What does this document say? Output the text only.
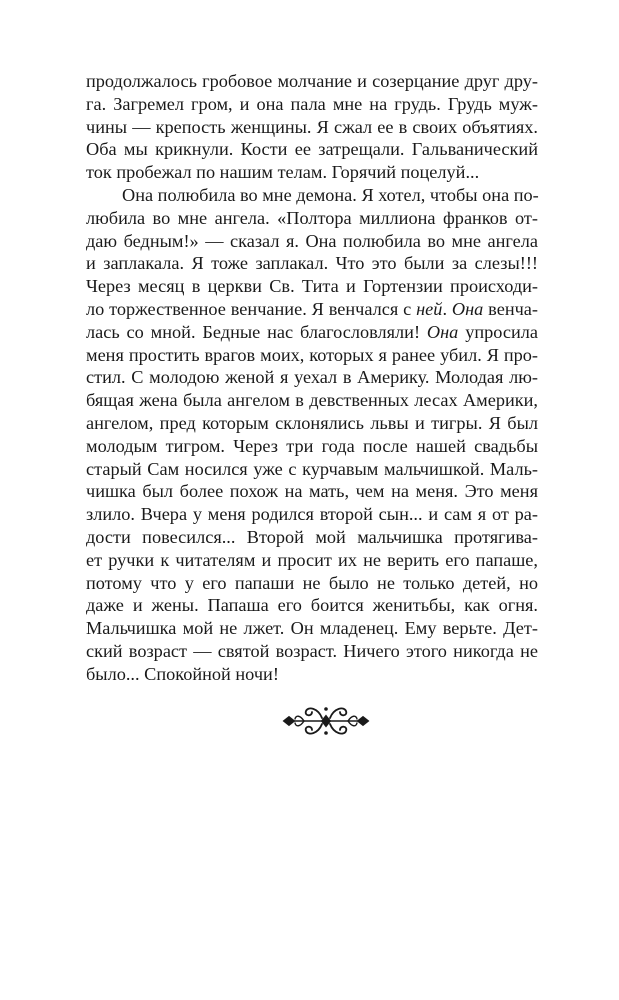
продолжалось гробовое молчание и созерцание друг дру-
га. Загремел гром, и она пала мне на грудь. Грудь муж-
чины — крепость женщины. Я сжал ее в своих объятиях.
Оба мы крикнули. Кости ее затрещали. Гальванический
ток пробежал по нашим телам. Горячий поцелуй...
Она полюбила во мне демона. Я хотел, чтобы она по-
любила во мне ангела. «Полтора миллиона франков от-
даю бедным!» — сказал я. Она полюбила во мне ангела
и заплакала. Я тоже заплакал. Что это были за слезы!!!
Через месяц в церкви Св. Тита и Гортензии происходи-
ло торжественное венчание. Я венчался с ней. Она венча-
лась со мной. Бедные нас благословляли! Она упросила
меня простить врагов моих, которых я ранее убил. Я про-
стил. С молодою женой я уехал в Америку. Молодая лю-
бящая жена была ангелом в девственных лесах Америки,
ангелом, пред которым склонялись львы и тигры. Я был
молодым тигром. Через три года после нашей свадьбы
старый Сам носился уже с курчавым мальчишкой. Маль-
чишка был более похож на мать, чем на меня. Это меня
злило. Вчера у меня родился второй сын... и сам я от ра-
дости повесился... Второй мой мальчишка протягива-
ет ручки к читателям и просит их не верить его папаше,
потому что у его папаши не было не только детей, но
даже и жены. Папаша его боится женитьбы, как огня.
Мальчишка мой не лжет. Он младенец. Ему верьте. Дет-
ский возраст — святой возраст. Ничего этого никогда не
было... Спокойной ночи!
